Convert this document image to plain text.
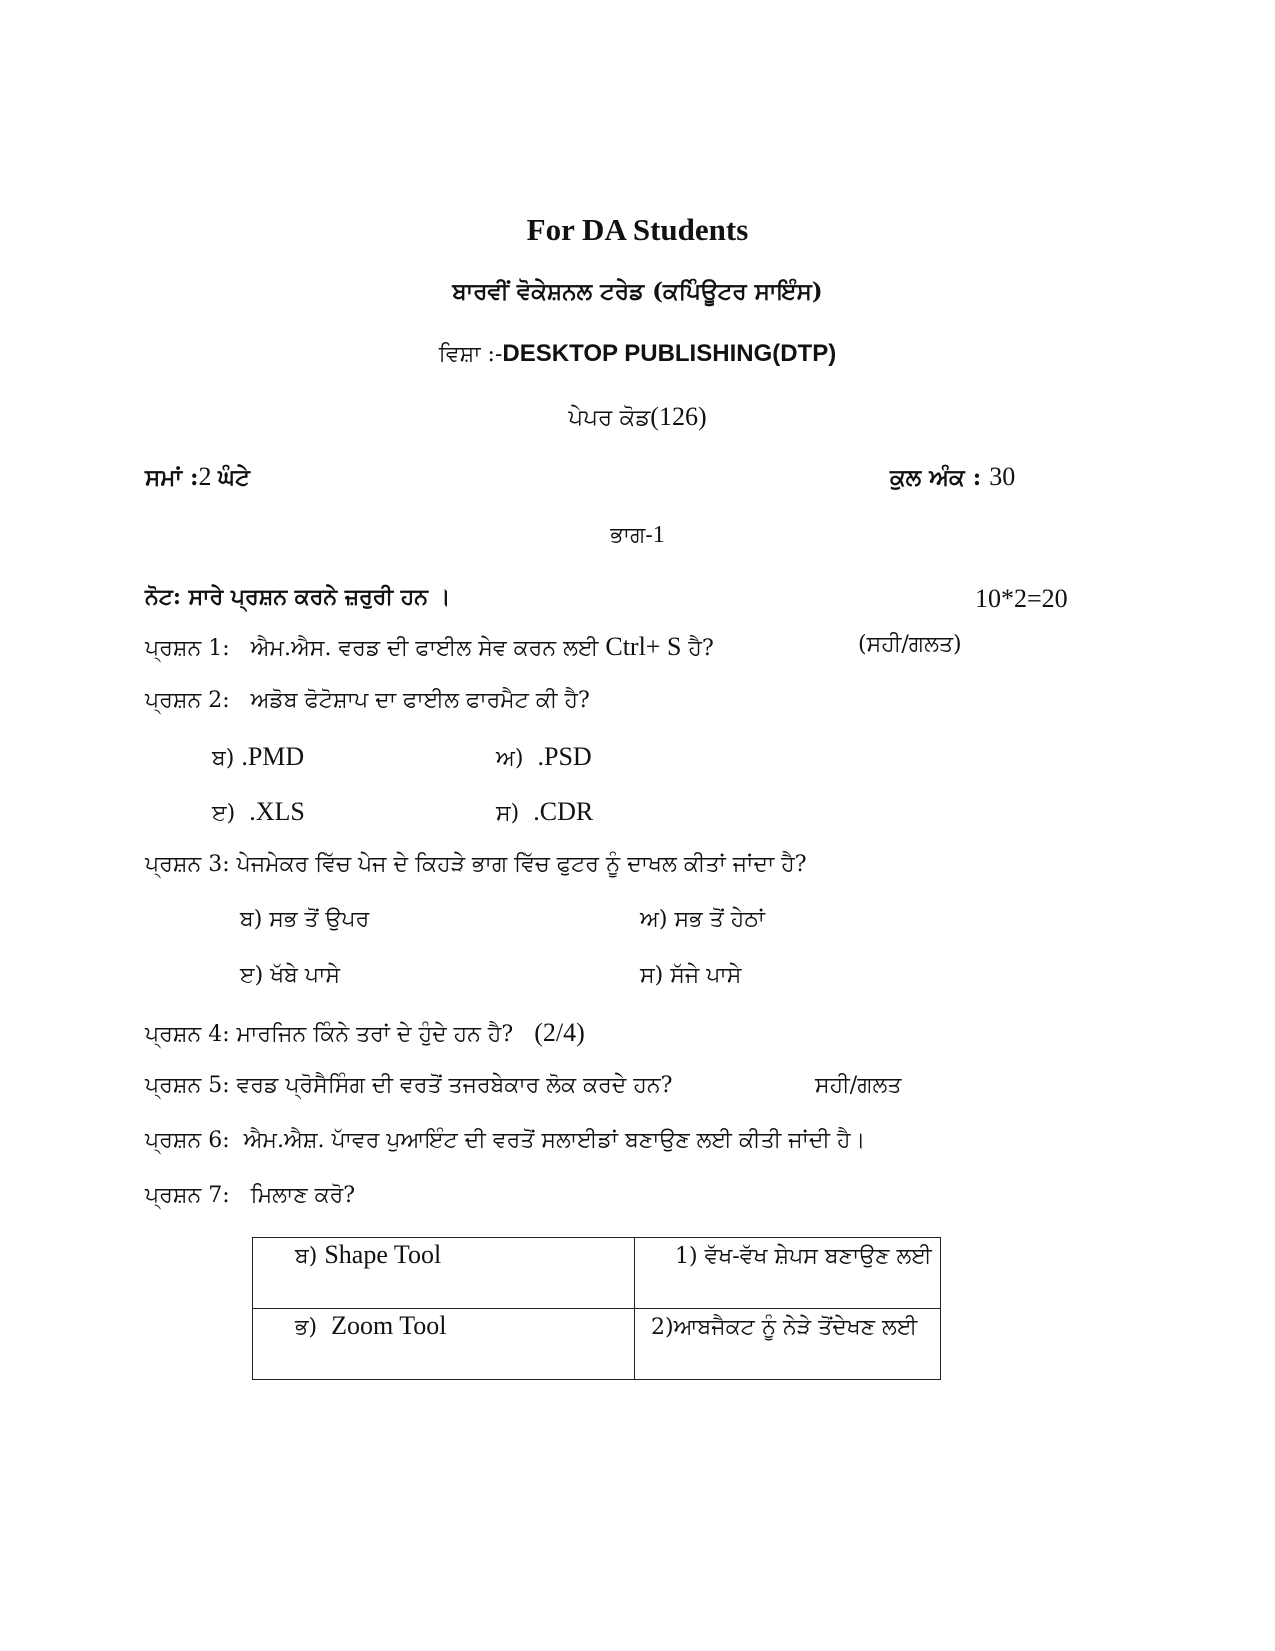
For DA Students
ਬਾਰਵੀਂ ਵੋਕੇਸ਼ਨਲ ਟਰੇਡ (ਕਪਿੰਊਟਰ ਸਾਇੰਸ)
ਵਿਸ਼ਾ :-DESKTOP PUBLISHING(DTP)
ਪੇਪਰ ਕੋਡ(126)
ਸਮਾਂ :2 ਘੰਟੇ	ਕੁਲ ਅੰਕ : 30
ਭਾਗ-1
ਨੋਟ: ਸਾਰੇ ਪ੍ਰਸ਼ਨ ਕਰਨੇ ਜ਼ਰੁਰੀ ਹਨ ।	10*2=20
ਪ੍ਰਸ਼ਨ 1: ਐਮ.ਐਸ. ਵਰਡ ਦੀ ਫਾਈਲ ਸੇਵ ਕਰਨ ਲਈ Ctrl+ S ਹੈ?	(ਸਹੀ/ਗਲਤ)
ਪ੍ਰਸ਼ਨ 2: ਅਡੋਬ ਫੋਟੋਸ਼ਾਪ ਦਾ ਫਾਈਲ ਫਾਰਮੈਟ ਕੀ ਹੈ?
ਬ) .PMD	ਅ) .PSD
ੲ) .XLS	ਸ) .CDR
ਪ੍ਰਸ਼ਨ 3: ਪੇਜਮੇਕਰ ਵਿੱਚ ਪੇਜ ਦੇ ਕਿਹੜੇ ਭਾਗ ਵਿੱਚ ਫੁਟਰ ਨੂੰ ਦਾਖਲ ਕੀਤਾਂ ਜਾਂਦਾ ਹੈ?
ਬ) ਸਭ ਤੋਂ ਉਪਰ	ਅ) ਸਭ ਤੋਂ ਹੇਠਾਂ
ੲ) ਖੱਬੇ ਪਾਸੇ	ਸ) ਸੱਜੇ ਪਾਸੇ
ਪ੍ਰਸ਼ਨ 4: ਮਾਰਜਿਨ ਕਿੰਨੇ ਤਰਾਂ ਦੇ ਹੁੰਦੇ ਹਨ ਹੈ? (2/4)
ਪ੍ਰਸ਼ਨ 5: ਵਰਡ ਪ੍ਰੋਸੈਸਿੰਗ ਦੀ ਵਰਤੋਂ ਤਜਰਬੇਕਾਰ ਲੋਕ ਕਰਦੇ ਹਨ?	ਸਹੀ/ਗਲਤ
ਪ੍ਰਸ਼ਨ 6: ਐਮ.ਐਸ਼. ਪਾੱਵਰ ਪੁਆਇੰਟ ਦੀ ਵਰਤੋਂ ਸਲਾਈਡਾਂ ਬਣਾਉਣ ਲਈ ਕੀਤੀ ਜਾਂਦੀ ਹੈ।
ਪ੍ਰਸ਼ਨ 7: ਮਿਲਾਣ ਕਰੋ?
ਬ) Shape Tool	1) ਵੱਖ-ਵੱਖ ਸ਼ੇਪਸ ਬਣਾਉਣ ਲਈ
ਭ) Zoom Tool	2)ਆਬਜੈਕਟ ਨੂੰ ਨੇੜੇ ਤੋਂਦੇਖਣ ਲਈ
